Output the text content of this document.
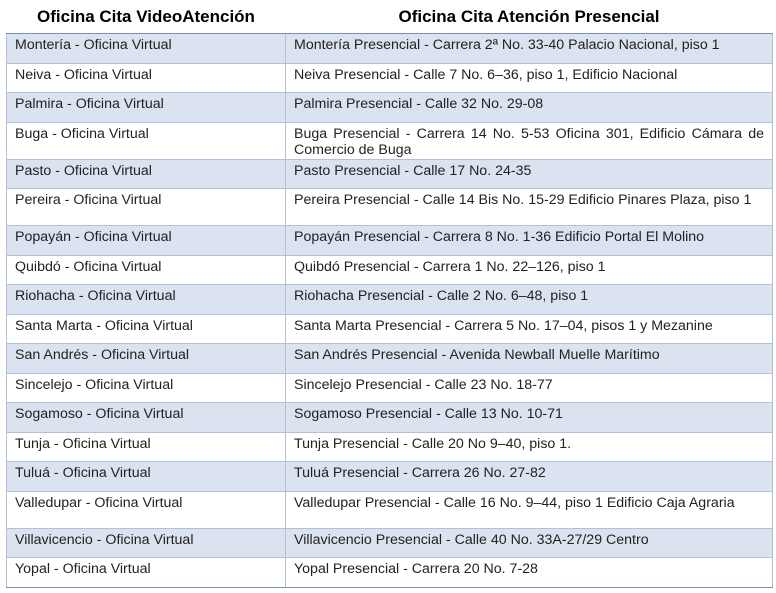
Oficina Cita VideoAtención	Oficina Cita Atención Presencial
Montería - Oficina Virtual	Montería Presencial - Carrera 2ª No. 33-40 Palacio Nacional, piso 1
Neiva - Oficina Virtual	Neiva Presencial - Calle 7 No. 6–36, piso 1, Edificio Nacional
Palmira - Oficina Virtual	Palmira Presencial - Calle 32 No. 29-08
Buga - Oficina Virtual	Buga Presencial - Carrera 14 No. 5-53 Oficina 301, Edificio Cámara de Comercio de Buga
Pasto - Oficina Virtual	Pasto Presencial - Calle 17 No. 24-35
Pereira - Oficina Virtual	Pereira Presencial - Calle 14 Bis No. 15-29 Edificio Pinares Plaza, piso 1
Popayán - Oficina Virtual	Popayán Presencial - Carrera 8 No. 1-36 Edificio Portal El Molino
Quibdó - Oficina Virtual	Quibdó Presencial - Carrera 1 No. 22–126, piso 1
Riohacha - Oficina Virtual	Riohacha Presencial - Calle 2 No. 6–48, piso 1
Santa Marta - Oficina Virtual	Santa Marta Presencial - Carrera 5 No. 17–04, pisos 1 y Mezanine
San Andrés - Oficina Virtual	San Andrés Presencial - Avenida Newball Muelle Marítimo
Sincelejo - Oficina Virtual	Sincelejo Presencial - Calle 23 No. 18-77
Sogamoso - Oficina Virtual	Sogamoso Presencial - Calle 13 No. 10-71
Tunja - Oficina Virtual	Tunja Presencial - Calle 20 No 9–40, piso 1.
Tuluá - Oficina Virtual	Tuluá Presencial - Carrera 26 No. 27-82
Valledupar - Oficina Virtual	Valledupar Presencial - Calle 16 No. 9–44, piso 1 Edificio Caja Agraria
Villavicencio - Oficina Virtual	Villavicencio Presencial - Calle 40 No. 33A-27/29 Centro
Yopal - Oficina Virtual	Yopal Presencial - Carrera 20 No. 7-28
